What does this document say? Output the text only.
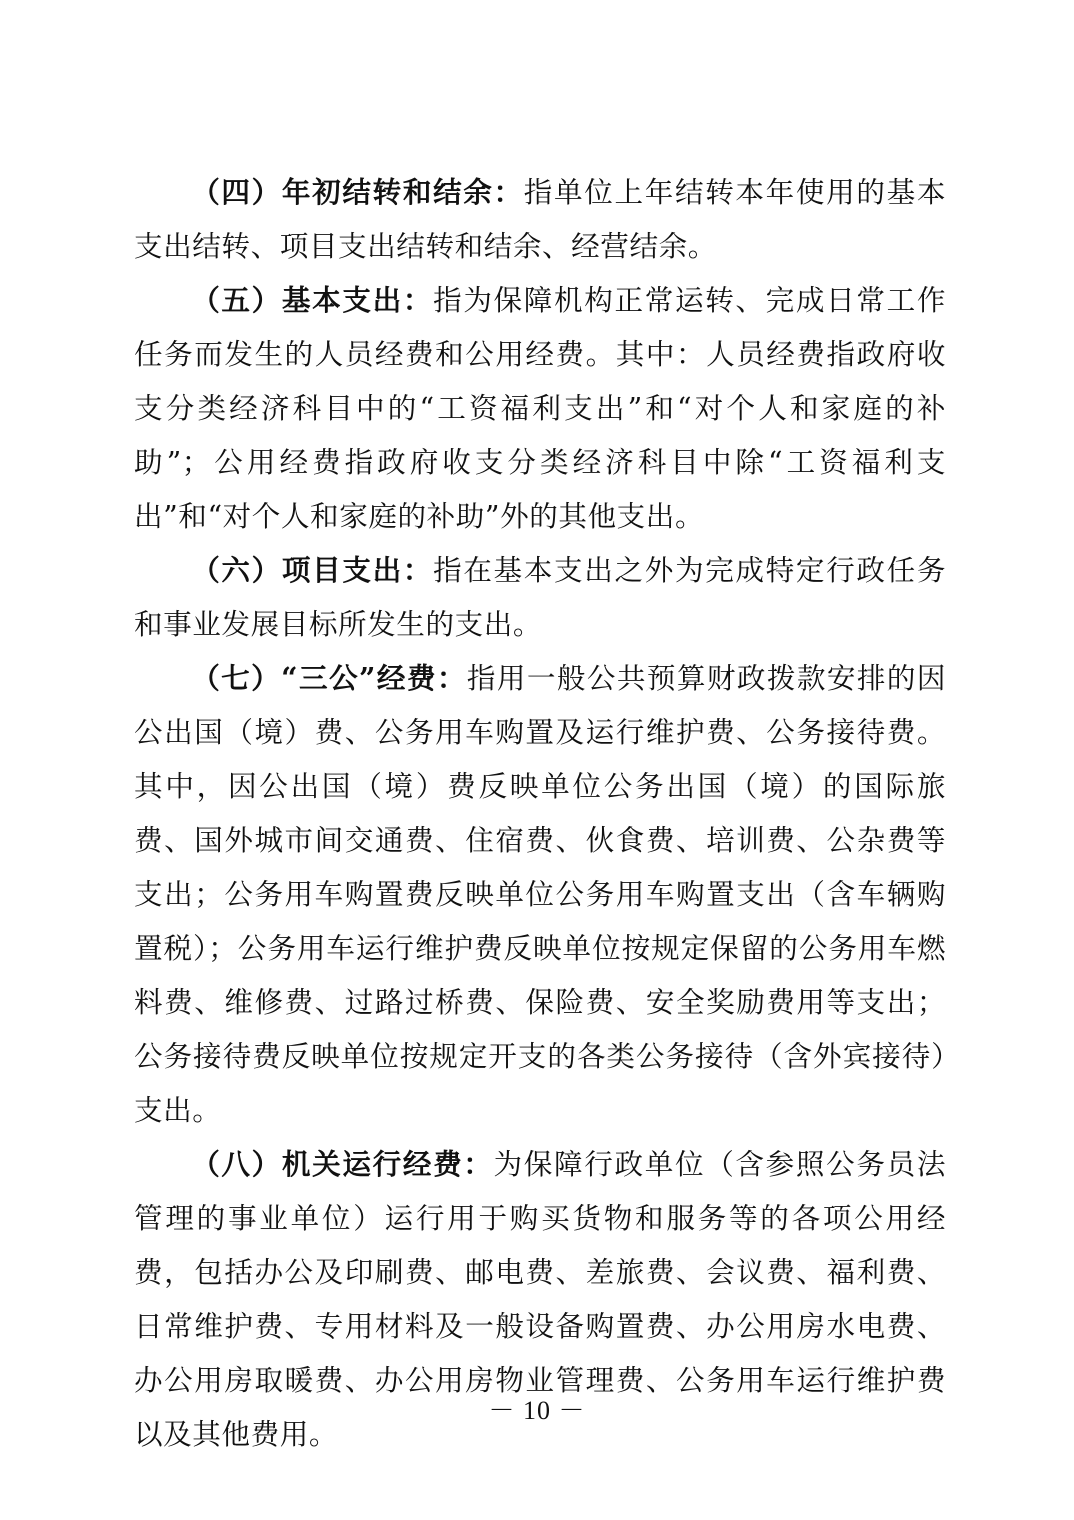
（四）年初结转和结余：指单位上年结转本年使用的基本支出结转、项目支出结转和结余、经营结余。

（五）基本支出：指为保障机构正常运转、完成日常工作任务而发生的人员经费和公用经费。其中：人员经费指政府收支分类经济科目中的“工资福利支出”和“对个人和家庭的补助”；公用经费指政府收支分类经济科目中除“工资福利支出”和“对个人和家庭的补助”外的其他支出。

（六）项目支出：指在基本支出之外为完成特定行政任务和事业发展目标所发生的支出。

（七）“三公”经费：指用一般公共预算财政拨款安排的因公出国（境）费、公务用车购置及运行维护费、公务接待费。其中，因公出国（境）费反映单位公务出国（境）的国际旅费、国外城市间交通费、住宿费、伙食费、培训费、公杂费等支出；公务用车购置费反映单位公务用车购置支出（含车辆购置税）；公务用车运行维护费反映单位按规定保留的公务用车燃料费、维修费、过路过桥费、保险费、安全奖励费用等支出；公务接待费反映单位按规定开支的各类公务接待（含外宾接待）支出。

（八）机关运行经费：为保障行政单位（含参照公务员法管理的事业单位）运行用于购买货物和服务等的各项公用经费，包括办公及印刷费、邮电费、差旅费、会议费、福利费、日常维护费、专用材料及一般设备购置费、办公用房水电费、办公用房取暖费、办公用房物业管理费、公务用车运行维护费以及其他费用。

－ 10 －
